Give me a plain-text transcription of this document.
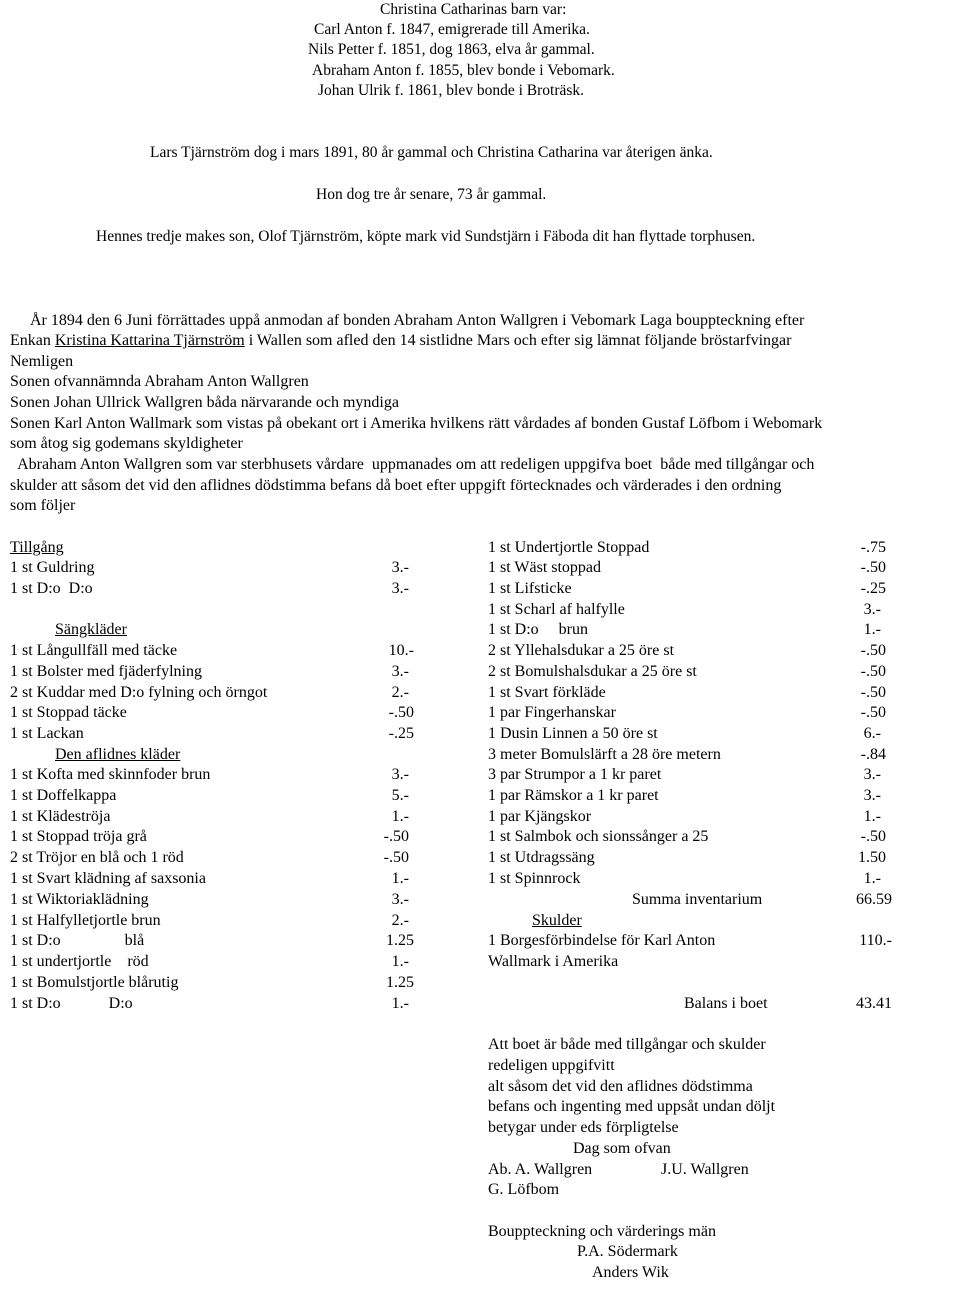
Christina Catharinas barn var:
Carl Anton f. 1847, emigrerade till Amerika.
Nils Petter f. 1851, dog 1863, elva år gammal.
Abraham Anton f. 1855, blev bonde i Vebomark.
Johan Ulrik f. 1861, blev bonde i Broträsk.
Lars Tjärnström dog i mars 1891, 80 år gammal och Christina Catharina var återigen änka.
Hon dog tre år senare, 73 år gammal.
Hennes tredje makes son, Olof Tjärnström, köpte mark vid Sundstjärn i Fäboda dit han flyttade torphusen.
År 1894 den 6 Juni förrättades uppå anmodan af bonden Abraham Anton Wallgren i Vebomark Laga bouppteckning efter
Enkan Kristina Kattarina Tjärnström i Wallen som afled den 14 sistlidne Mars och efter sig lämnat följande bröstarfvingar
Nemligen
Sonen ofvannämnda Abraham Anton Wallgren
Sonen Johan Ullrick Wallgren båda närvarande och myndiga
Sonen Karl Anton Wallmark som vistas på obekant ort i Amerika hvilkens rätt vårdades af bonden Gustaf Löfbom i Webomark
som åtog sig godemans skyldigheter
Abraham Anton Wallgren som var sterbhusets vårdare  uppmanades om att redeligen uppgifva boet  både med tillgångar och
skulder att såsom det vid den aflidnes dödstimma befans då boet efter uppgift förtecknades och värderades i den ordning
som följer
Tillgång
1 st Guldring	3.-
1 st D:o  D:o	3.-
Sängkläder
1 st Långullfäll med täcke	10.-
1 st Bolster med fjäderfylning	3.-
2 st Kuddar med D:o fylning och örngot	2.-
1 st Stoppad täcke	-.50
1 st Lackan	-.25
Den aflidnes kläder
1 st Kofta med skinnfoder brun	3.-
1 st Doffelkappa	5.-
1 st Klädeströja	1.-
1 st Stoppad tröja grå	-.50
2 st Tröjor en blå och 1 röd	-.50
1 st Svart klädning af saxsonia	1.-
1 st Wiktoriaklädning	3.-
1 st Halfylletjortle brun	2.-
1 st D:o                blå	1.25
1 st undertjortle    röd	1.-
1 st Bomulstjortle blårutig	1.25
1 st D:o            D:o	1.-
1 st Undertjortle Stoppad	-.75
1 st Wäst stoppad	-.50
1 st Lifsticke	-.25
1 st Scharl af halfylle	3.-
1 st D:o     brun	1.-
2 st Yllehalsdukar a 25 öre st	-.50
2 st Bomulshalsdukar a 25 öre st	-.50
1 st Svart förkläde	-.50
1 par Fingerhanskar	-.50
1 Dusin Linnen a 50 öre st	6.-
3 meter Bomulslärft a 28 öre metern	-.84
3 par Strumpor a 1 kr paret	3.-
1 par Rämskor a 1 kr paret	3.-
1 par Kjängskor	1.-
1 st Salmbok och sionssånger a 25	-.50
1 st Utdragssäng	1.50
1 st Spinnrock	1.-
Summa inventarium	66.59
Skulder
1 Borgesförbindelse för Karl Anton	110.-
Wallmark i Amerika
Balans i boet	43.41
Att boet är både med tillgångar och skulder
redeligen uppgifvitt
alt såsom det vid den aflidnes dödstimma
befans och ingenting med uppsåt undan döljt
betygar under eds förpligtelse
Dag som ofvan
Ab. A. Wallgren	J.U. Wallgren
G. Löfbom
Bouppteckning och värderings män
P.A. Södermark
Anders Wik
